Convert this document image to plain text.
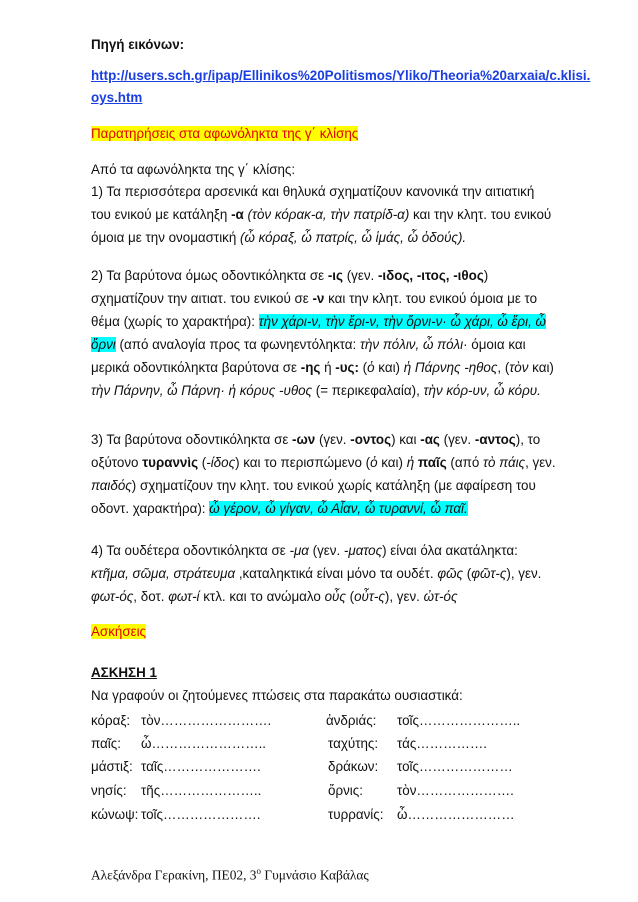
Πηγή εικόνων:
http://users.sch.gr/ipap/Ellinikos%20Politismos/Yliko/Theoria%20arxaia/c.klisi.
oys.htm
Παρατηρήσεις στα αφωνόληκτα της γ΄ κλίσης
Από τα αφωνόληκτα της γ΄ κλίσης:
1) Τα περισσότερα αρσενικά και θηλυκά σχηματίζουν κανονικά την αιτιατική
του ενικού με κατάληξη -α (τὸν κόρακ-α, τὴν πατρίδ-α) και την κλητ. του ενικού
όμοια με την ονομαστική (ὦ κόραξ, ὦ πατρίς, ὦ ἱμάς, ὦ ὀδούς).
2) Τα βαρύτονα όμως οδοντικόληκτα σε -ις (γεν. -ιδος, -ιτος, -ιθος)
σχηματίζουν την αιτιατ. του ενικού σε -ν και την κλητ. του ενικού όμοια με το
θέμα (χωρίς το χαρακτήρα): τὴν χάρι-ν, τὴν ἔρι-ν, τὴν ὄρνι-ν· ὦ χάρι, ὦ ἔρι, ὦ
ὄρνι (από αναλογία προς τα φωνηεντόληκτα: τὴν πόλιν, ὦ πόλι· όμοια και
μερικά οδοντικόληκτα βαρύτονα σε -ης ή -υς: (ὁ και) ἡ Πάρνης -ηθος, (τὸν και)
τὴν Πάρνην, ὦ Πάρνη· ἡ κόρυς -υθος (= περικεφαλαία), τὴν κόρ-υν, ὦ κόρυ.
3) Τα βαρύτονα οδοντικόληκτα σε -ων (γεν. -οντος) και -ας (γεν. -αντος), το
οξύτονο τυραννὶς (-ίδος) και το περισπώμενο (ὁ και) ἡ παῖς (από τὸ πάις, γεν.
παιδός) σχηματίζουν την κλητ. του ενικού χωρίς κατάληξη (με αφαίρεση του
οδοντ. χαρακτήρα): ὦ γέρον, ὦ γίγαν, ὦ Αἶαν, ὦ τυραννί, ὦ παῖ.
4) Τα ουδέτερα οδοντικόληκτα σε -μα (γεν. -ματος) είναι όλα ακατάληκτα:
κτῆμα, σῶμα, στράτευμα ,καταληκτικά είναι μόνο τα ουδέτ. φῶς (φῶτ-ς), γεν.
φωτ-ός, δοτ. φωτ-ί κτλ. και το ανώμαλο οὖς (οὖτ-ς), γεν. ὠτ-ός
Ασκήσεις
ΑΣΚΗΣΗ 1
Να γραφούν οι ζητούμενες πτώσεις στα παρακάτω ουσιαστικά:
κόραξ: τὸν…………………….	ἀνδριάς: τοῖς…………………..
παῖς: ὦ……………………..	ταχύτης: τάς…………….
μάστιξ: ταῖς………………….	δράκων: τοῖς…………………
νησίς: τῆς…………………..	ὄρνις:	τὸν………………….
κώνωψ: τοῖς………………….	τυρρανίς: ὦ……………………
Αλεξάνδρα Γερακίνη, ΠΕ02, $3^o$ Γυμνάσιο Καβάλας
